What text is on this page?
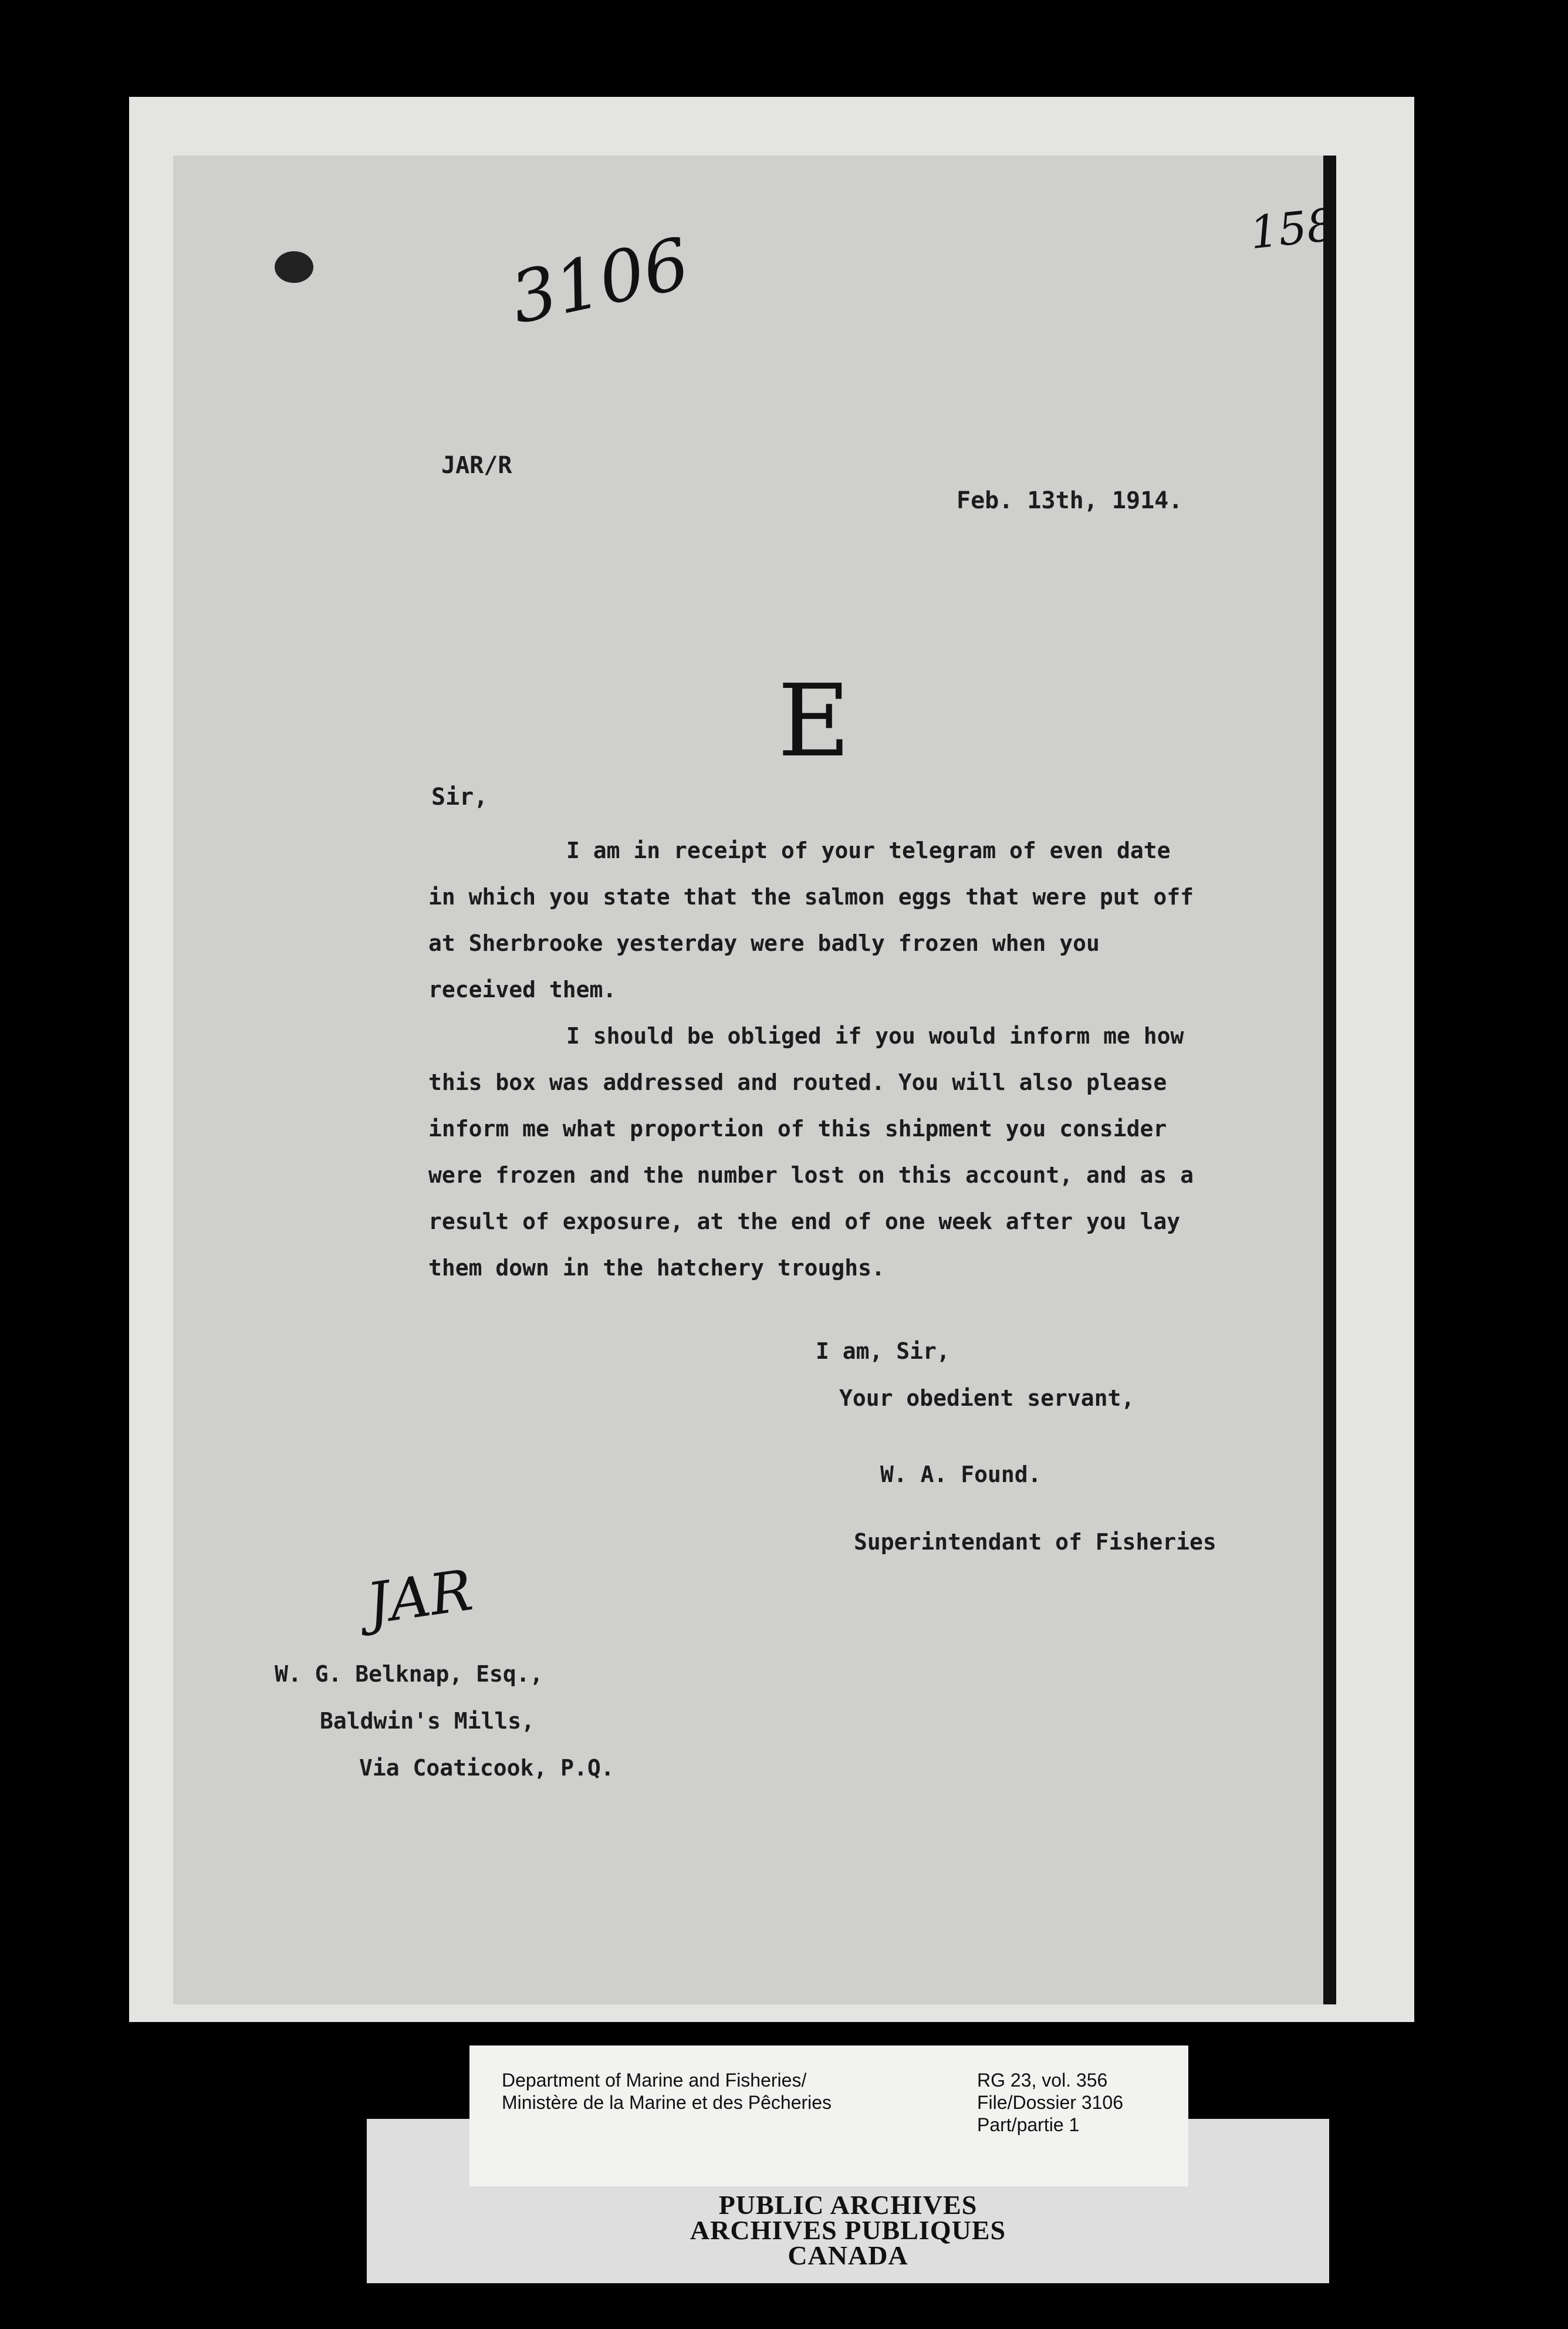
3106	158
E
JAR/R
Feb. 13th, 1914.
Sir,

I am in receipt of your telegram of even date in which you state that the salmon eggs that were put off at Sherbrooke yesterday were badly frozen when you received them.

I should be obliged if you would inform me how this box was addressed and routed. You will also please inform me what proportion of this shipment you consider were frozen and the number lost on this account, and as a result of exposure, at the end of one week after you lay them down in the hatchery troughs.

I am, Sir,
Your obedient servant,
W. A. Found.
Superintendant of Fisheries
JAR
W. G. Belknap, Esq.,
Baldwin's Mills,
Via Coaticook, P.Q.
PUBLIC ARCHIVES
ARCHIVES PUBLIQUES
CANADA
Department of Marine and Fisheries/
Ministère de la Marine et des Pêcheries
RG 23, vol. 356
File/Dossier 3106
Part/partie 1
